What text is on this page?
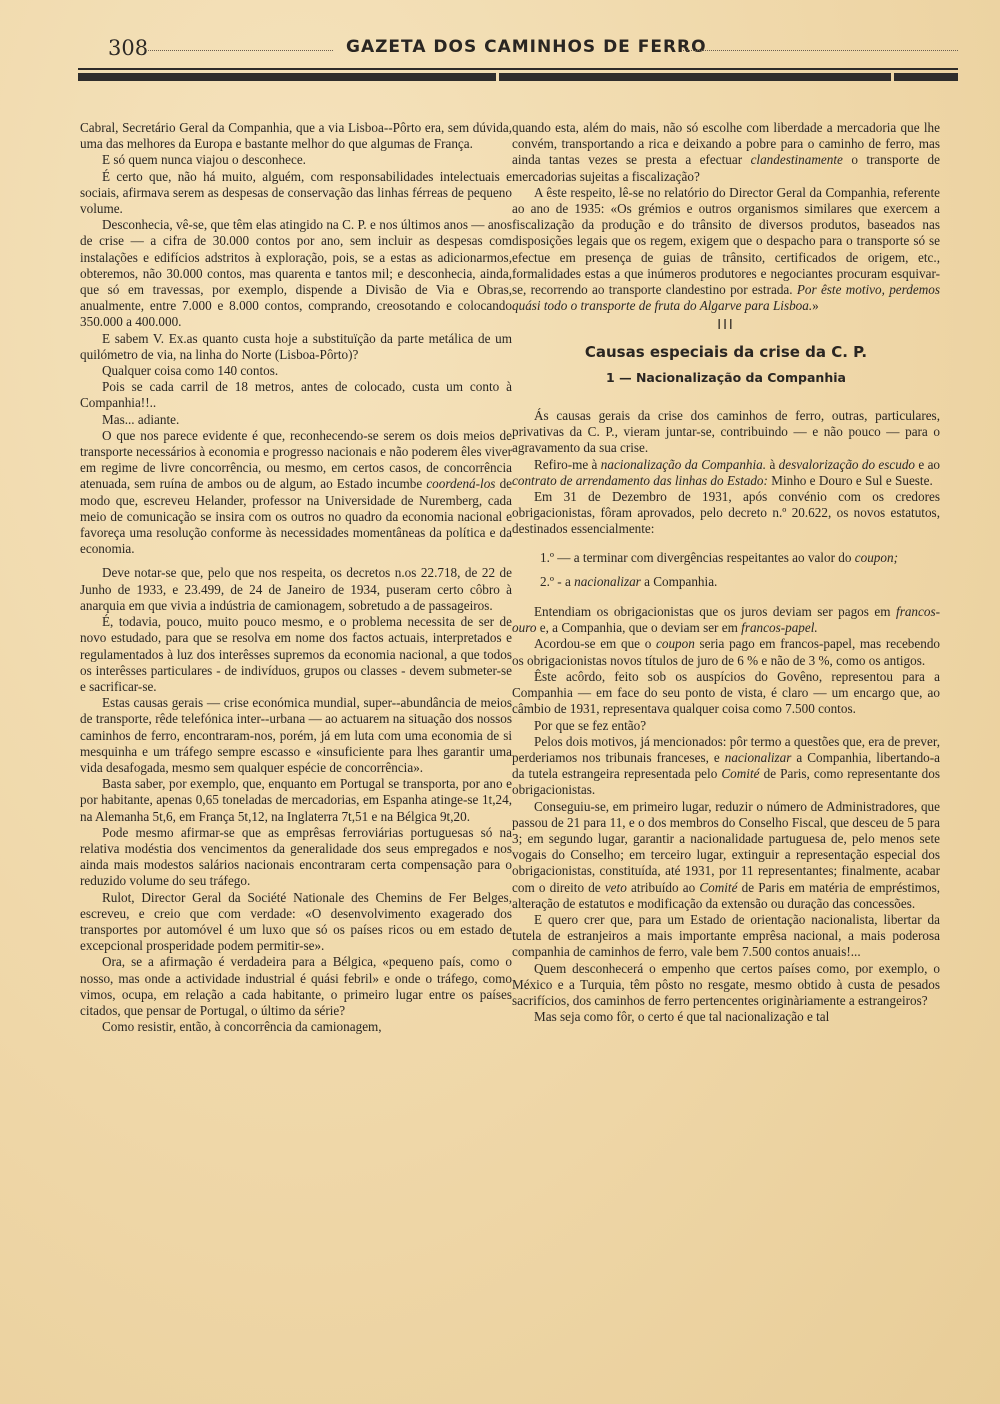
308	GAZETA DOS CAMINHOS DE FERRO

Cabral, Secretário Geral da Companhia, que a via Lisboa--Pôrto era, sem dúvida, uma das melhores da Europa e bastante melhor do que algumas de França.

E só quem nunca viajou o desconhece.

É certo que, não há muito, alguém, com responsabilidades intelectuais e sociais, afirmava serem as despesas de conservação das linhas férreas de pequeno volume.

Desconhecia, vê-se, que têm elas atingido na C. P. e nos últimos anos — anos de crise — a cifra de 30.000 contos por ano, sem incluir as despesas com instalações e edifícios adstritos à exploração, pois, se a estas as adicionarmos, obteremos, não 30.000 contos, mas quarenta e tantos mil; e desconhecia, ainda, que só em travessas, por exemplo, dispende a Divisão de Via e Obras, anualmente, entre 7.000 e 8.000 contos, comprando, creosotando e colocando 350.000 a 400.000.

E sabem V. Ex.as quanto custa hoje a substituïção da parte metálica de um quilómetro de via, na linha do Norte (Lisboa-Pôrto)?

Qualquer coisa como 140 contos.

Pois se cada carril de 18 metros, antes de colocado, custa um conto à Companhia!!..

Mas... adiante.

O que nos parece evidente é que, reconhecendo-se serem os dois meios de transporte necessários à economia e progresso nacionais e não poderem êles viver em regime de livre concorrência, ou mesmo, em certos casos, de concorrência atenuada, sem ruína de ambos ou de algum, ao Estado incumbe coordená-los de modo que, escreveu Helander, professor na Universidade de Nuremberg, cada meio de comunicação se insira com os outros no quadro da economia nacional e favoreça uma resolução conforme às necessidades momentâneas da política e da economia.

Deve notar-se que, pelo que nos respeita, os decretos n.os 22.718, de 22 de Junho de 1933, e 23.499, de 24 de Janeiro de 1934, puseram certo côbro à anarquia em que vivia a indústria de camionagem, sobretudo a de passageiros.

É, todavia, pouco, muito pouco mesmo, e o problema necessita de ser de novo estudado, para que se resolva em nome dos factos actuais, interpretados e regulamentados à luz dos interêsses supremos da economia nacional, a que todos os interêsses particulares - de indivíduos, grupos ou classes - devem submeter-se e sacrificar-se.

Estas causas gerais — crise económica mundial, super--abundância de meios de transporte, rêde telefónica inter--urbana — ao actuarem na situação dos nossos caminhos de ferro, encontraram-nos, porém, já em luta com uma economia de si mesquinha e um tráfego sempre escasso e «insuficiente para lhes garantir uma vida desafogada, mesmo sem qualquer espécie de concorrência».

Basta saber, por exemplo, que, enquanto em Portugal se transporta, por ano e por habitante, apenas 0,65 toneladas de mercadorias, em Espanha atinge-se 1t,24, na Alemanha 5t,6, em França 5t,12, na Inglaterra 7t,51 e na Bélgica 9t,20.

Pode mesmo afirmar-se que as emprêsas ferroviárias portuguesas só na relativa modéstia dos vencimentos da generalidade dos seus empregados e nos ainda mais modestos salários nacionais encontraram certa compensação para o reduzido volume do seu tráfego.

Rulot, Director Geral da Société Nationale des Chemins de Fer Belges, escreveu, e creio que com verdade: «O desenvolvimento exagerado dos transportes por automóvel é um luxo que só os países ricos ou em estado de excepcional prosperidade podem permitir-se».

Ora, se a afirmação é verdadeira para a Bélgica, «pequeno país, como o nosso, mas onde a actividade industrial é quási febril» e onde o tráfego, como vimos, ocupa, em relação a cada habitante, o primeiro lugar entre os países citados, que pensar de Portugal, o último da série?

Como resistir, então, à concorrência da camionagem,

quando esta, além do mais, não só escolhe com liberdade a mercadoria que lhe convém, transportando a rica e deixando a pobre para o caminho de ferro, mas ainda tantas vezes se presta a efectuar clandestinamente o transporte de mercadorias sujeitas a fiscalização?

A êste respeito, lê-se no relatório do Director Geral da Companhia, referente ao ano de 1935: «Os grémios e outros organismos similares que exercem a fiscalização da produção e do trânsito de diversos produtos, baseados nas disposições legais que os regem, exigem que o despacho para o transporte só se efectue em presença de guias de trânsito, certificados de origem, etc., formalidades estas a que inúmeros produtores e negociantes procuram esquivar-se, recorrendo ao transporte clandestino por estrada. Por êste motivo, perdemos quási todo o transporte de fruta do Algarve para Lisboa.»

III

Causas especiais da crise da C. P.

1 — Nacionalização da Companhia

Ás causas gerais da crise dos caminhos de ferro, outras, particulares, privativas da C. P., vieram juntar-se, contribuindo — e não pouco — para o agravamento da sua crise.

Refiro-me à nacionalização da Companhia. à desvalorização do escudo e ao contrato de arrendamento das linhas do Estado: Minho e Douro e Sul e Sueste.

Em 31 de Dezembro de 1931, após convénio com os credores obrigacionistas, fôram aprovados, pelo decreto n.º 20.622, os novos estatutos, destinados essencialmente:

1.º — a terminar com divergências respeitantes ao valor do coupon;

2.º - a nacionalizar a Companhia.

Entendiam os obrigacionistas que os juros deviam ser pagos em francos-ouro e, a Companhia, que o deviam ser em francos-papel.

Acordou-se em que o coupon seria pago em francos-papel, mas recebendo os obrigacionistas novos títulos de juro de 6 % e não de 3 %, como os antigos.

Êste acôrdo, feito sob os auspícios do Govêno, representou para a Companhia — em face do seu ponto de vista, é claro — um encargo que, ao câmbio de 1931, representava qualquer coisa como 7.500 contos.

Por que se fez então?

Pelos dois motivos, já mencionados: pôr termo a questões que, era de prever, perderiamos nos tribunais franceses, e nacionalizar a Companhia, libertando-a da tutela estrangeira representada pelo Comité de Paris, como representante dos obrigacionistas.

Conseguiu-se, em primeiro lugar, reduzir o número de Administradores, que passou de 21 para 11, e o dos membros do Conselho Fiscal, que desceu de 5 para 3; em segundo lugar, garantir a nacionalidade partuguesa de, pelo menos sete vogais do Conselho; em terceiro lugar, extinguir a representação especial dos obrigacionistas, constituída, até 1931, por 11 representantes; finalmente, acabar com o direito de veto atribuído ao Comité de Paris em matéria de empréstimos, alteração de estatutos e modificação da extensão ou duração das concessões.

E quero crer que, para um Estado de orientação nacionalista, libertar da tutela de estranjeiros a mais importante emprêsa nacional, a mais poderosa companhia de caminhos de ferro, vale bem 7.500 contos anuais!...

Quem desconhecerá o empenho que certos países como, por exemplo, o México e a Turquia, têm pôsto no resgate, mesmo obtido à custa de pesados sacrifícios, dos caminhos de ferro pertencentes originàriamente a estrangeiros?

Mas seja como fôr, o certo é que tal nacionalização e tal
